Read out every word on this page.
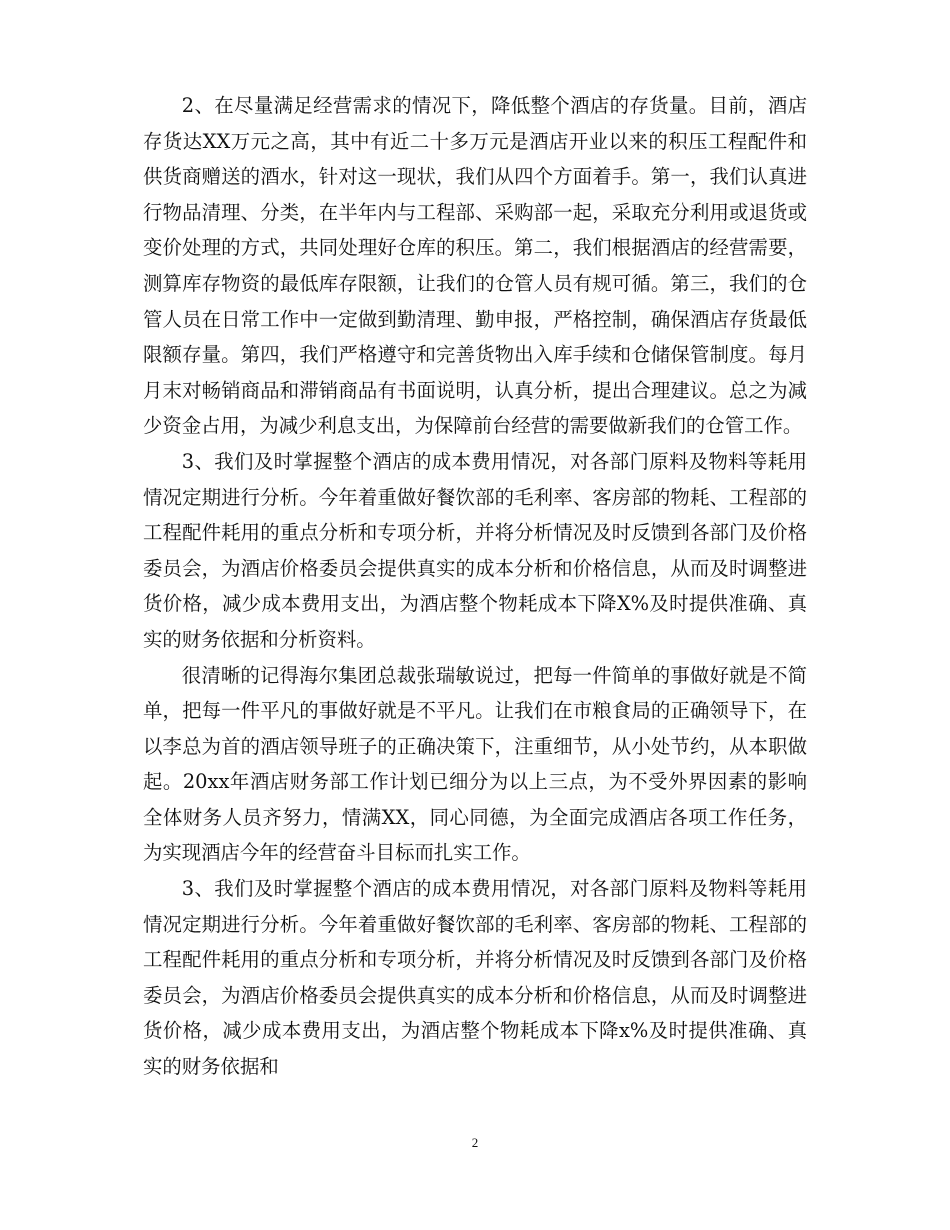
2、在尽量满足经营需求的情况下，降低整个酒店的存货量。目前，酒店存货达XX万元之高，其中有近二十多万元是酒店开业以来的积压工程配件和供货商赠送的酒水，针对这一现状，我们从四个方面着手。第一，我们认真进行物品清理、分类，在半年内与工程部、采购部一起，采取充分利用或退货或变价处理的方式，共同处理好仓库的积压。第二，我们根据酒店的经营需要，测算库存物资的最低库存限额，让我们的仓管人员有规可循。第三，我们的仓管人员在日常工作中一定做到勤清理、勤申报，严格控制，确保酒店存货最低限额存量。第四，我们严格遵守和完善货物出入库手续和仓储保管制度。每月月末对畅销商品和滞销商品有书面说明，认真分析，提出合理建议。总之为减少资金占用，为减少利息支出，为保障前台经营的需要做新我们的仓管工作。

3、我们及时掌握整个酒店的成本费用情况，对各部门原料及物料等耗用情况定期进行分析。今年着重做好餐饮部的毛利率、客房部的物耗、工程部的工程配件耗用的重点分析和专项分析，并将分析情况及时反馈到各部门及价格委员会，为酒店价格委员会提供真实的成本分析和价格信息，从而及时调整进货价格，减少成本费用支出，为酒店整个物耗成本下降X%及时提供准确、真实的财务依据和分析资料。

很清晰的记得海尔集团总裁张瑞敏说过，把每一件简单的事做好就是不简单，把每一件平凡的事做好就是不平凡。让我们在市粮食局的正确领导下，在以李总为首的酒店领导班子的正确决策下，注重细节，从小处节约，从本职做起。20xx年酒店财务部工作计划已细分为以上三点，为不受外界因素的影响全体财务人员齐努力，情满XX，同心同德，为全面完成酒店各项工作任务，为实现酒店今年的经营奋斗目标而扎实工作。

3、我们及时掌握整个酒店的成本费用情况，对各部门原料及物料等耗用情况定期进行分析。今年着重做好餐饮部的毛利率、客房部的物耗、工程部的工程配件耗用的重点分析和专项分析，并将分析情况及时反馈到各部门及价格委员会，为酒店价格委员会提供真实的成本分析和价格信息，从而及时调整进货价格，减少成本费用支出，为酒店整个物耗成本下降x%及时提供准确、真实的财务依据和

2
